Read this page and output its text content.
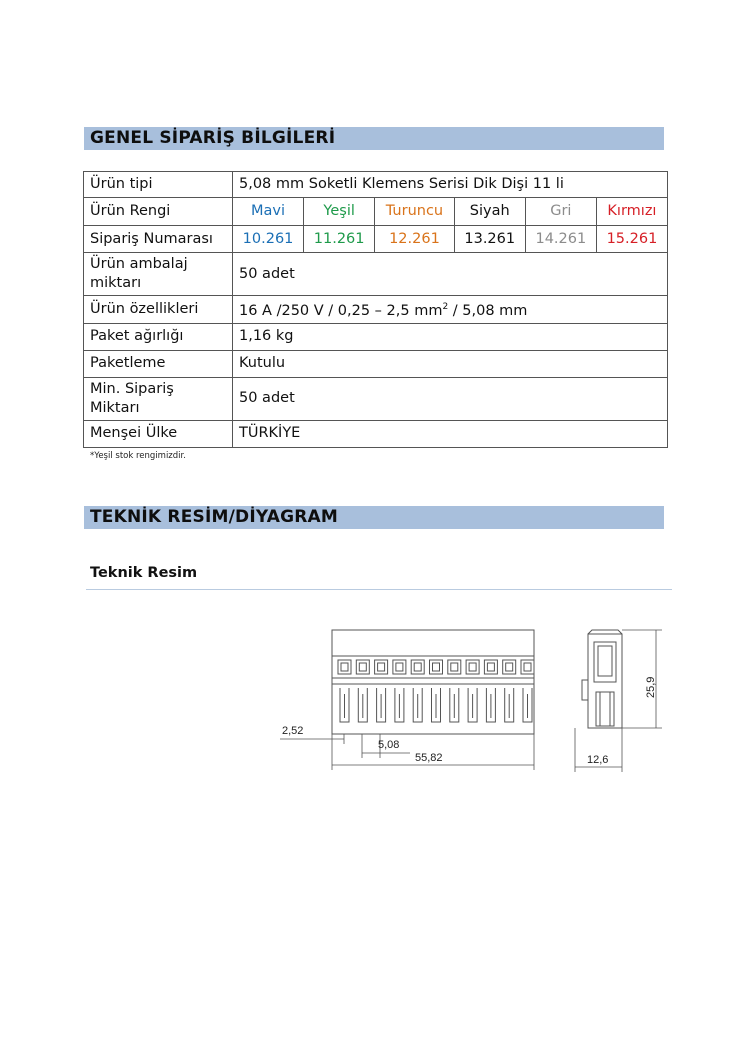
GENEL SİPARİŞ BİLGİLERİ
Ürün tipi	5,08 mm Soketli Klemens Serisi Dik Dişi 11 li					
Ürün Rengi	Mavi	Yeşil	Turuncu	Siyah	Gri	Kırmızı
Sipariş Numarası	10.261	11.261	12.261	13.261	14.261	15.261
Ürün ambalaj miktarı	50 adet					
Ürün özellikleri	16 A /250 V / 0,25 – 2,5 $mm^2 / 5,08$ mm					
Paket ağırlığı	1,16 kg					
Paketleme	Kutulu					
Min. Sipariş Miktarı	50 adet					
Menşei Ülke	TÜRKİYE					
*Yeşil stok rengimizdir.
TEKNİK RESİM/DİYAGRAM
Teknik Resim
2,52
5,08
55,82
25,9
12,6
